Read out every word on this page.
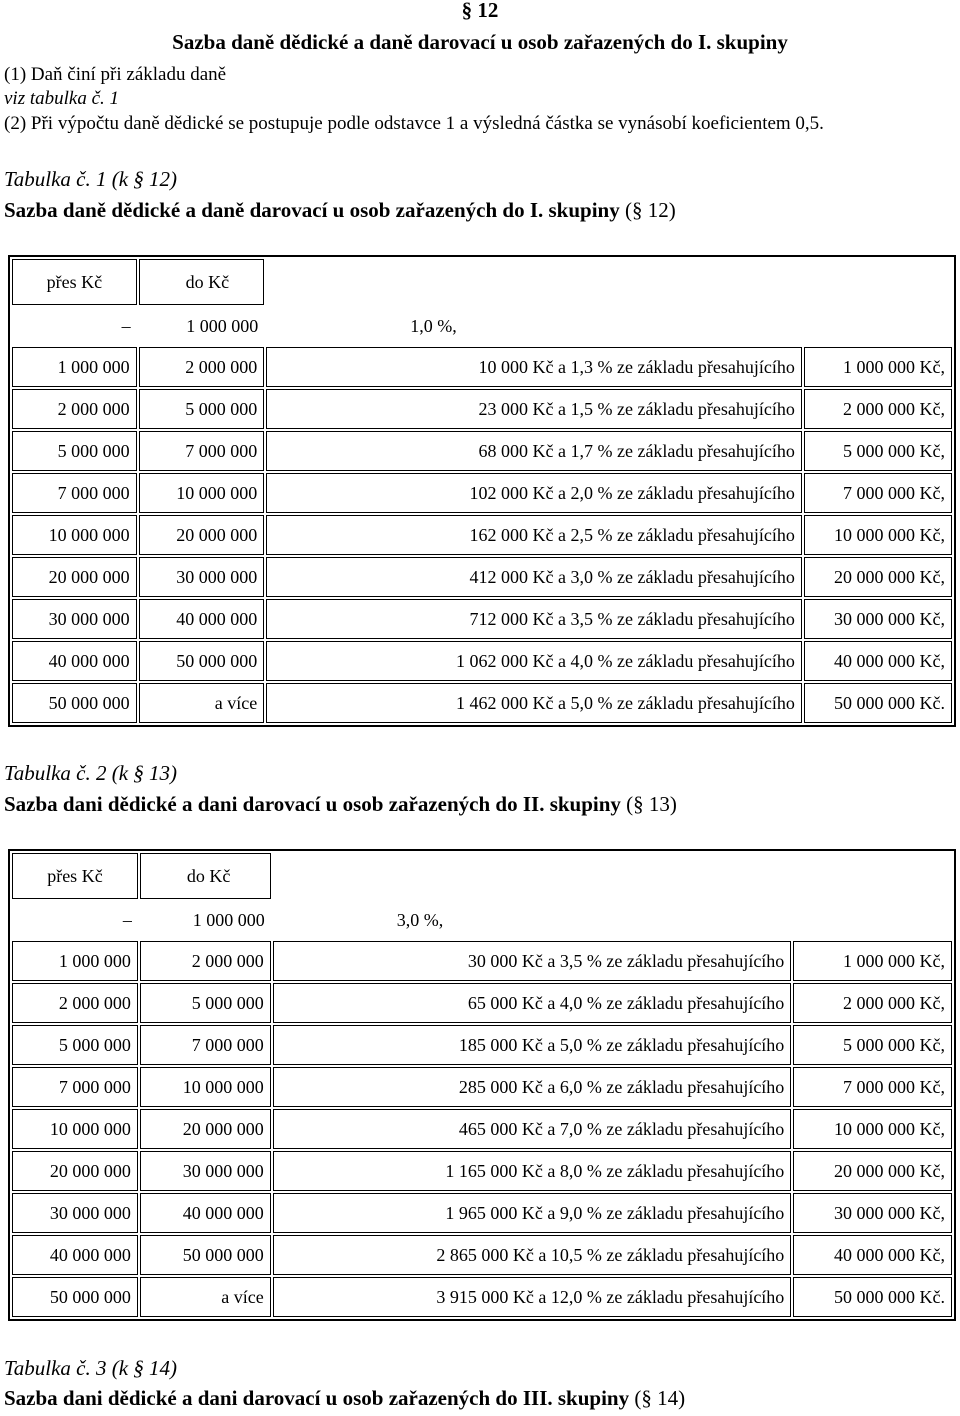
§ 12
Sazba daně dědické a daně darovací u osob zařazených do I. skupiny
(1) Daň činí při základu daně
viz tabulka č. 1
(2) Při výpočtu daně dědické se postupuje podle odstavce 1 a výsledná částka se vynásobí koeficientem 0,5.
Tabulka č. 1 (k § 12)
Sazba daně dědické a daně darovací u osob zařazených do I. skupiny (§ 12)
přes Kč	do Kč		
–	1 000 000	1,0 %,	
1 000 000	2 000 000	10 000 Kč a 1,3 % ze základu přesahujícího	1 000 000 Kč,
2 000 000	5 000 000	23 000 Kč a 1,5 % ze základu přesahujícího	2 000 000 Kč,
5 000 000	7 000 000	68 000 Kč a 1,7 % ze základu přesahujícího	5 000 000 Kč,
7 000 000	10 000 000	102 000 Kč a 2,0 % ze základu přesahujícího	7 000 000 Kč,
10 000 000	20 000 000	162 000 Kč a 2,5 % ze základu přesahujícího	10 000 000 Kč,
20 000 000	30 000 000	412 000 Kč a 3,0 % ze základu přesahujícího	20 000 000 Kč,
30 000 000	40 000 000	712 000 Kč a 3,5 % ze základu přesahujícího	30 000 000 Kč,
40 000 000	50 000 000	1 062 000 Kč a 4,0 % ze základu přesahujícího	40 000 000 Kč,
50 000 000	a více	1 462 000 Kč a 5,0 % ze základu přesahujícího	50 000 000 Kč.
Tabulka č. 2 (k § 13)
Sazba dani dědické a dani darovací u osob zařazených do II. skupiny (§ 13)
přes Kč	do Kč		
–	1 000 000	3,0 %,	
1 000 000	2 000 000	30 000 Kč a 3,5 % ze základu přesahujícího	1 000 000 Kč,
2 000 000	5 000 000	65 000 Kč a 4,0 % ze základu přesahujícího	2 000 000 Kč,
5 000 000	7 000 000	185 000 Kč a 5,0 % ze základu přesahujícího	5 000 000 Kč,
7 000 000	10 000 000	285 000 Kč a 6,0 % ze základu přesahujícího	7 000 000 Kč,
10 000 000	20 000 000	465 000 Kč a 7,0 % ze základu přesahujícího	10 000 000 Kč,
20 000 000	30 000 000	1 165 000 Kč a 8,0 % ze základu přesahujícího	20 000 000 Kč,
30 000 000	40 000 000	1 965 000 Kč a 9,0 % ze základu přesahujícího	30 000 000 Kč,
40 000 000	50 000 000	2 865 000 Kč a 10,5 % ze základu přesahujícího	40 000 000 Kč,
50 000 000	a více	3 915 000 Kč a 12,0 % ze základu přesahujícího	50 000 000 Kč.
Tabulka č. 3 (k § 14)
Sazba dani dědické a dani darovací u osob zařazených do III. skupiny (§ 14)
